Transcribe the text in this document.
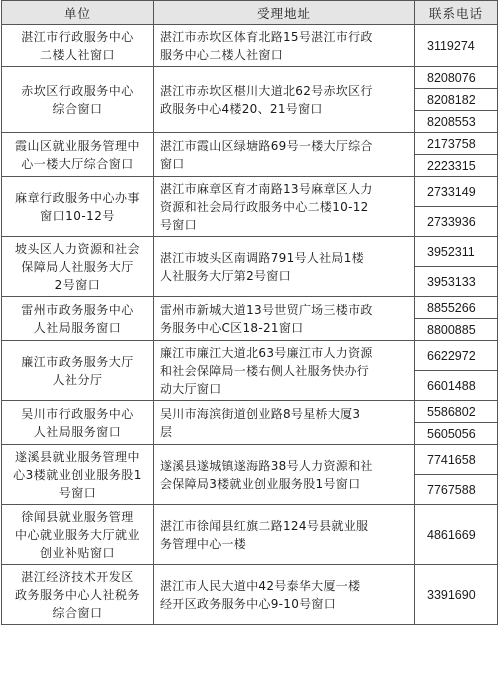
单位	受理地址	联系电话
湛江市行政服务中心
二楼人社窗口	湛江市赤坎区体育北路15号湛江市行政
服务中心二楼人社窗口	3119274
赤坎区行政服务中心
综合窗口	湛江市赤坎区椹川大道北62号赤坎区行
政服务中心4楼20、21号窗口	8208076
		8208182
		8208553
霞山区就业服务管理中
心一楼大厅综合窗口	湛江市霞山区绿塘路69号一楼大厅综合
窗口	2173758
		2223315
麻章行政服务中心办事
窗口10-12号	湛江市麻章区育才南路13号麻章区人力
资源和社会局行政服务中心二楼10-12
号窗口	2733149
		2733936
坡头区人力资源和社会
保障局人社服务大厅
2号窗口	湛江市坡头区南调路791号人社局1楼
人社服务大厅第2号窗口	3952311
		3953133
雷州市政务服务中心
人社局服务窗口	雷州市新城大道13号世贸广场三楼市政
务服务中心C区18-21窗口	8855266
		8800885
廉江市政务服务大厅
人社分厅	廉江市廉江大道北63号廉江市人力资源
和社会保障局一楼右侧人社服务快办行
动大厅窗口	6622972
		6601488
吴川市行政服务中心
人社局服务窗口	吴川市海滨街道创业路8号星桥大厦3
层	5586802
		5605056
遂溪县就业服务管理中
心3楼就业创业服务股1
号窗口	遂溪县遂城镇遂海路38号人力资源和社
会保障局3楼就业创业服务股1号窗口	7741658
		7767588
徐闻县就业服务管理
中心就业服务大厅就业
创业补贴窗口	湛江市徐闻县红旗二路124号县就业服
务管理中心一楼	4861669
湛江经济技术开发区
政务服务中心人社税务
综合窗口	湛江市人民大道中42号泰华大厦一楼
经开区政务服务中心9-10号窗口	3391690
